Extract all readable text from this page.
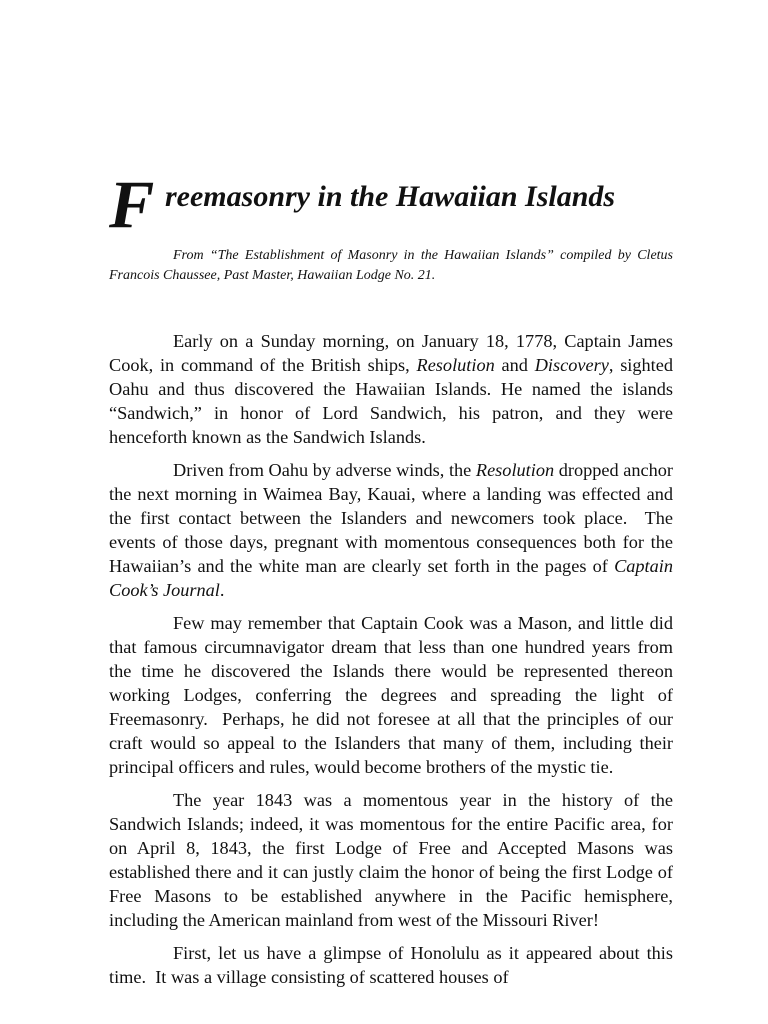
F reemasonry in the Hawaiian Islands

From “The Establishment of Masonry in the Hawaiian Islands” compiled by Cletus Francois Chaussee, Past Master, Hawaiian Lodge No. 21.

Early on a Sunday morning, on January 18, 1778, Captain James Cook, in command of the British ships, Resolution and Discovery, sighted Oahu and thus discovered the Hawaiian Islands. He named the islands “Sandwich,” in honor of Lord Sandwich, his patron, and they were henceforth known as the Sandwich Islands.

Driven from Oahu by adverse winds, the Resolution dropped anchor the next morning in Waimea Bay, Kauai, where a landing was effected and the first contact between the Islanders and newcomers took place.  The events of those days, pregnant with momentous consequences both for the Hawaiian’s and the white man are clearly set forth in the pages of Captain Cook’s Journal.

Few may remember that Captain Cook was a Mason, and little did that famous circumnavigator dream that less than one hundred years from the time he discovered the Islands there would be represented thereon working Lodges, conferring the degrees and spreading the light of Freemasonry.  Perhaps, he did not foresee at all that the principles of our craft would so appeal to the Islanders that many of them, including their principal officers and rules, would become brothers of the mystic tie.

The year 1843 was a momentous year in the history of the Sandwich Islands; indeed, it was momentous for the entire Pacific area, for on April 8, 1843, the first Lodge of Free and Accepted Masons was established there and it can justly claim the honor of being the first Lodge of Free Masons to be established anywhere in the Pacific hemisphere, including the American mainland from west of the Missouri River!

First, let us have a glimpse of Honolulu as it appeared about this time.  It was a village consisting of scattered houses of
